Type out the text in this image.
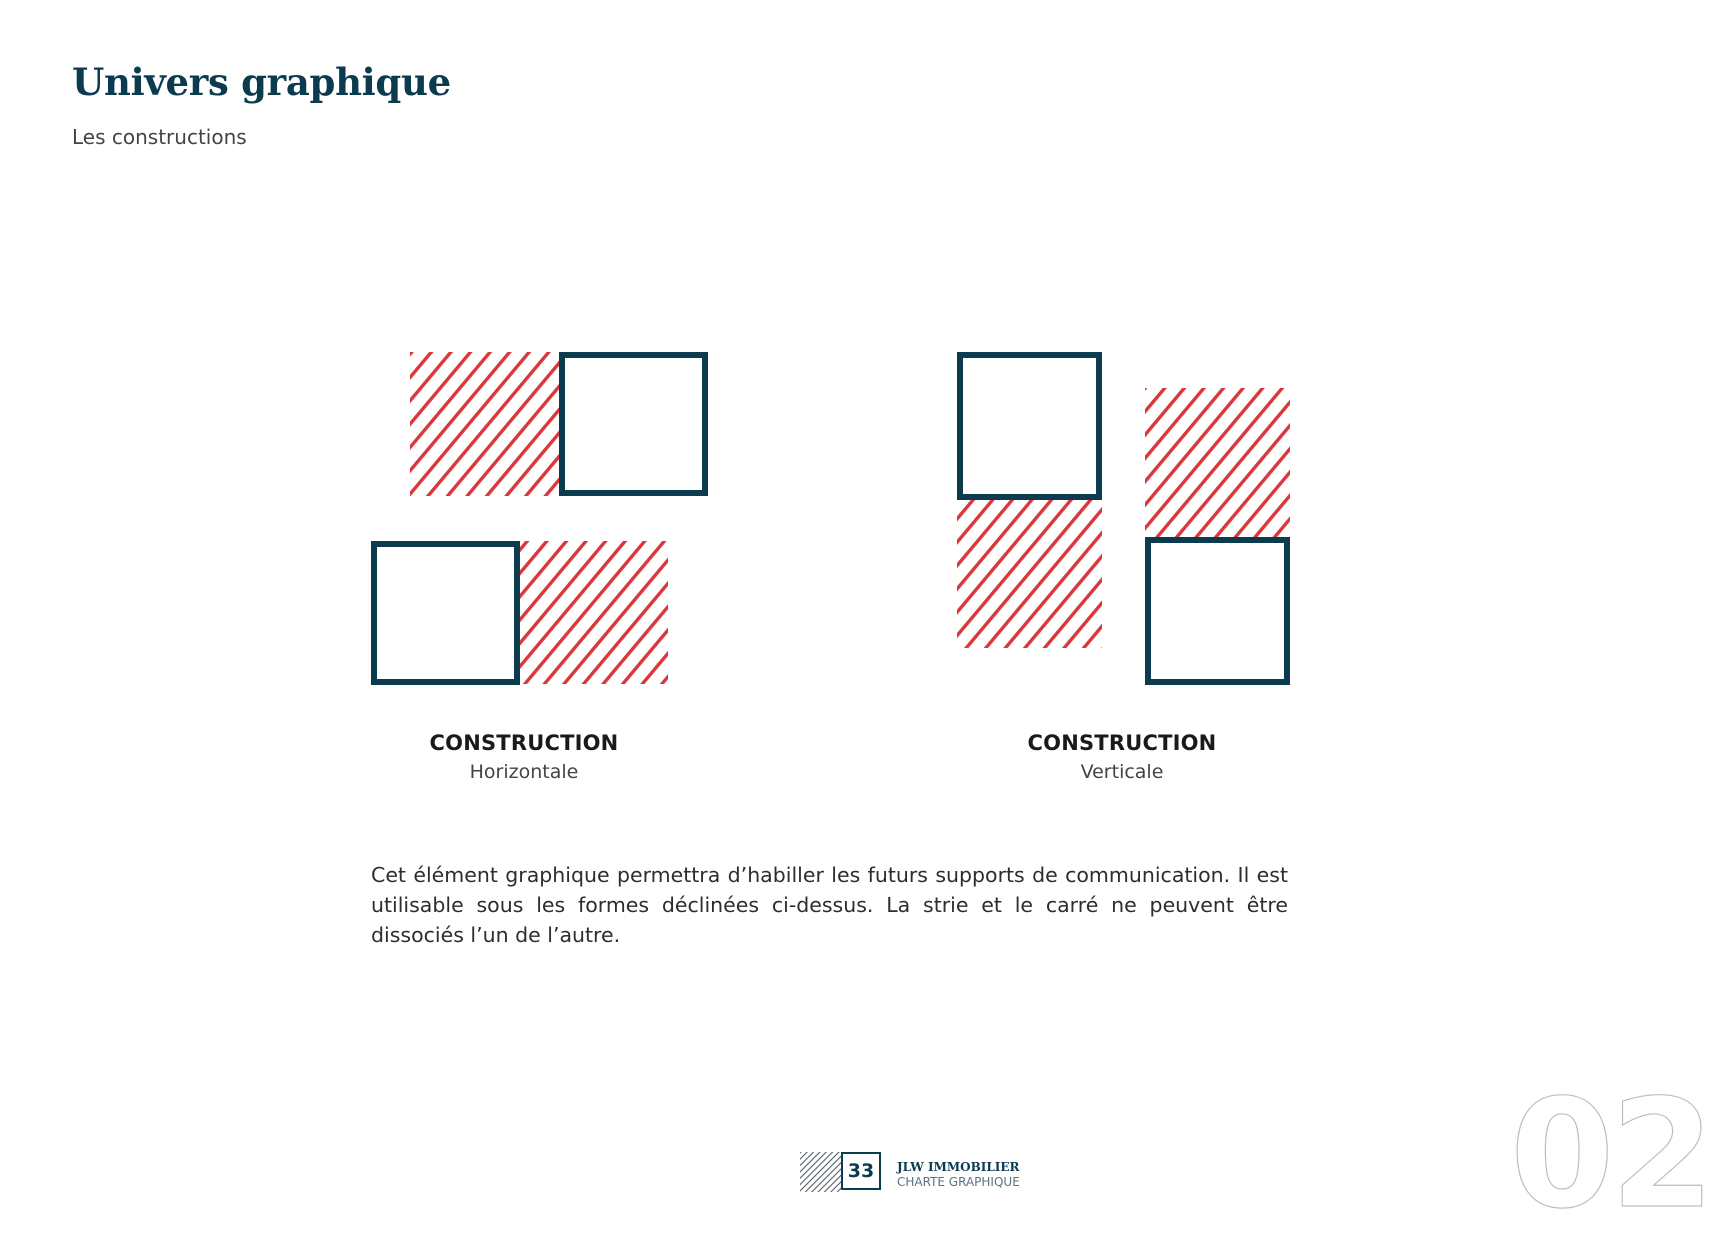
Univers graphique
Les constructions
CONSTRUCTION
Horizontale
CONSTRUCTION
Verticale

Cet élément graphique permettra d’habiller les futurs supports de communication. Il est utilisable sous les formes déclinées ci-dessus. La strie et le carré ne peuvent être dissociés l’un de l’autre.

33	JLW IMMOBILIER
CHARTE GRAPHIQUE	02
